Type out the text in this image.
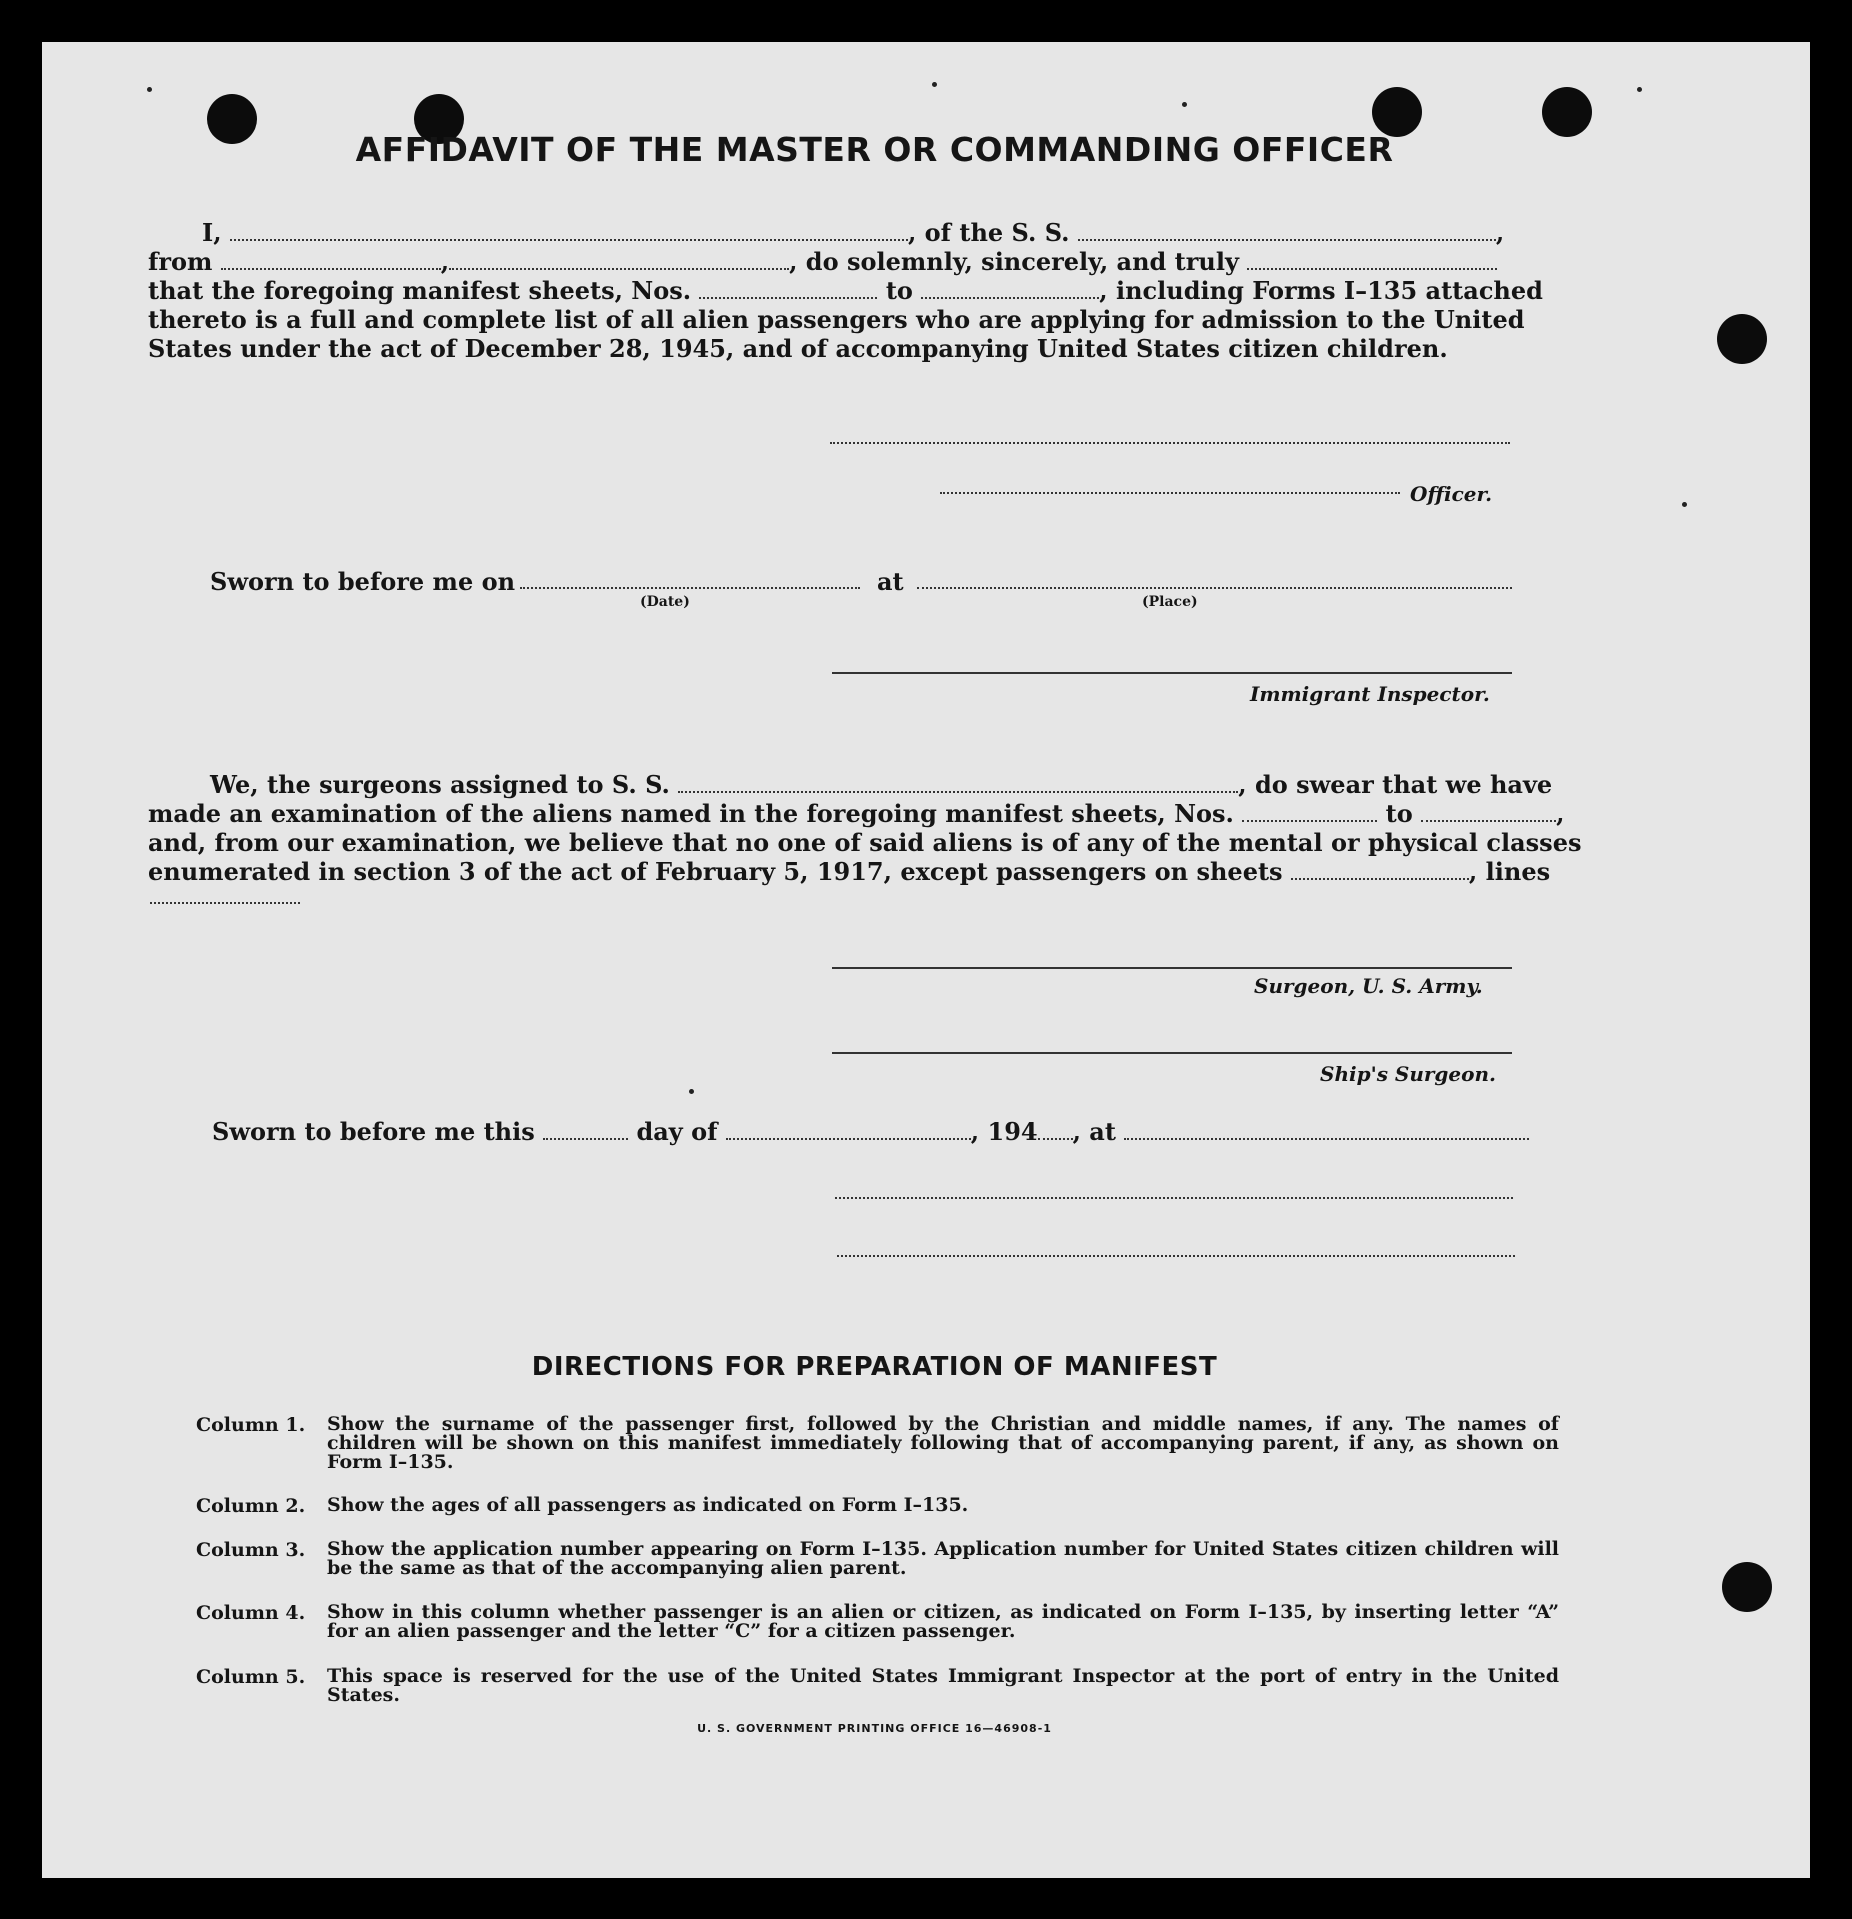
AFFIDAVIT OF THE MASTER OR COMMANDING OFFICER
I,	, of the S. S.	,
from	,	, do solemnly, sincerely, and truly
that the foregoing manifest sheets, Nos.	to	, including Forms I–135 attached
thereto is a full and complete list of all alien passengers who are applying for admission to the United
States under the act of December 28, 1945, and of accompanying United States citizen children.
Officer.
Sworn to before me on
(Date)
at
(Place)
Immigrant Inspector.
We, the surgeons assigned to S. S.	, do swear that we have
made an examination of the aliens named in the foregoing manifest sheets, Nos.	to	,
and, from our examination, we believe that no one of said aliens is of any of the mental or physical classes
enumerated in section 3 of the act of February 5, 1917, except passengers on sheets	, lines
Surgeon, U. S. Army.
Ship's Surgeon.
Sworn to before me this	day of	, 194 , at
DIRECTIONS FOR PREPARATION OF MANIFEST
Column 1. Show the surname of the passenger first, followed by the Christian and middle names, if any. The names of children will be shown on this manifest immediately following that of accompanying parent, if any, as shown on Form I–135.
Column 2. Show the ages of all passengers as indicated on Form I–135.
Column 3. Show the application number appearing on Form I–135. Application number for United States citizen children will be the same as that of the accompanying alien parent.
Column 4. Show in this column whether passenger is an alien or citizen, as indicated on Form I–135, by inserting letter “A” for an alien passenger and the letter “C” for a citizen passenger.
Column 5. This space is reserved for the use of the United States Immigrant Inspector at the port of entry in the United States.
U. S. GOVERNMENT PRINTING OFFICE 16—46908-1
